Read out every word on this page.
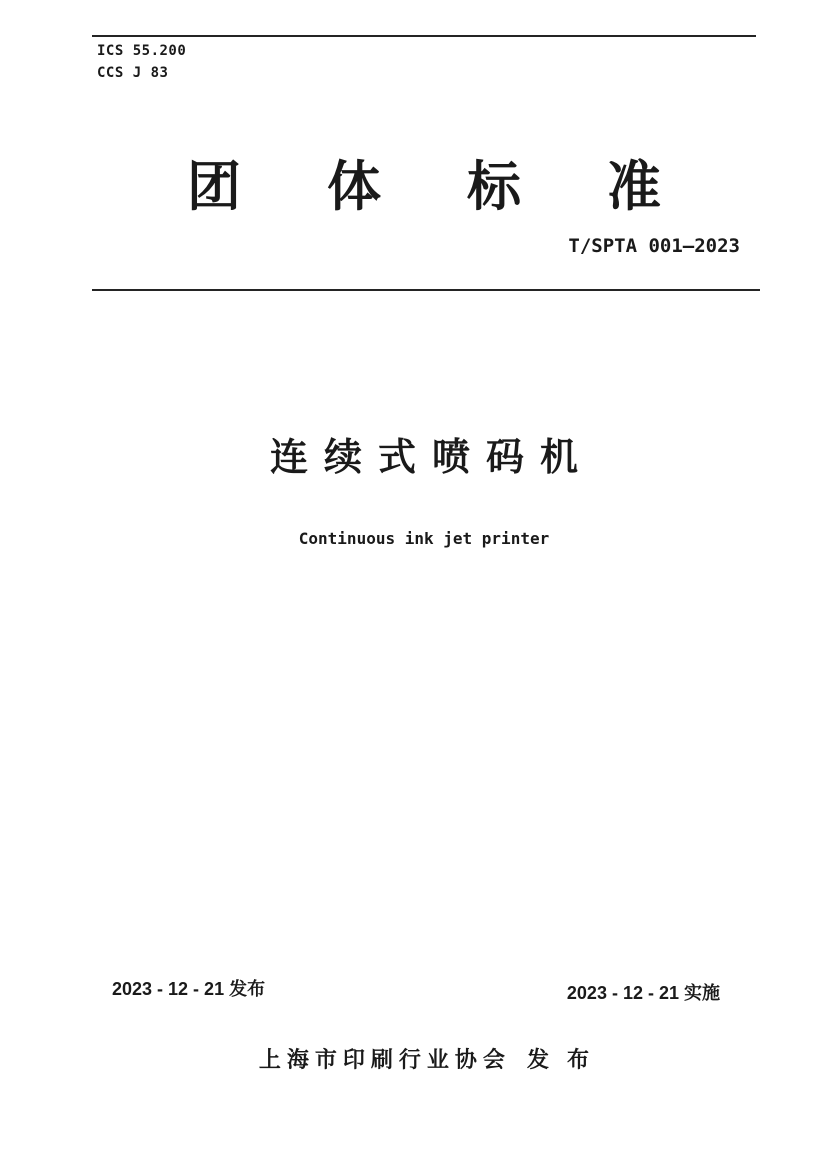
ICS 55.200
CCS J 83
团体标准
T/SPTA 001—2023
连续式喷码机
Continuous ink jet printer
2023 - 12 - 21 发布	2023 - 12 - 21 实施
上海市印刷行业协会 发 布
